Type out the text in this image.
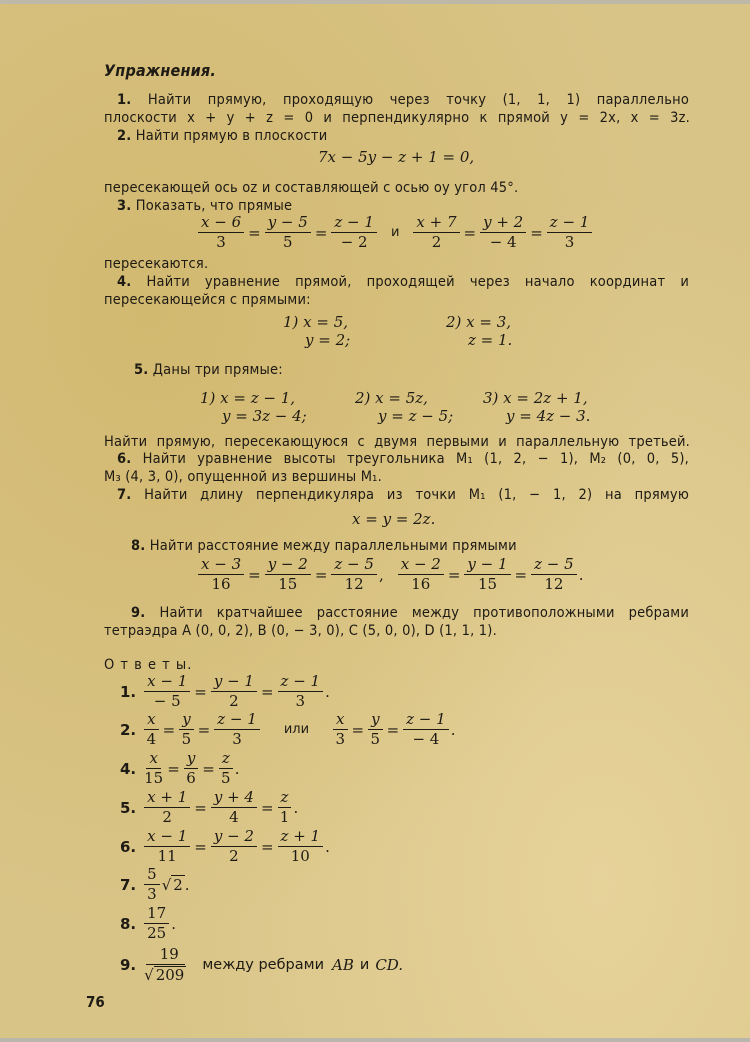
Упражнения.
1. Найти прямую, проходящую через точку (1, 1, 1) параллельно
плоскости x + y + z = 0 и перпендикулярно к прямой y = 2x, x = 3z.
2. Найти прямую в плоскости
7x − 5y − z + 1 = 0,
пересекающей ось oz и составляющей с осью oy угол 45°.
3. Показать, что прямые
$\frac{x - 6}{3} = \frac{y - 5}{5} = \frac{z - 1}{- 2}$ и $\frac{x + 7}{2} = \frac{y + 2}{- 4} = \frac{z - 1}{3}$
пересекаются.
4. Найти уравнение прямой, проходящей через начало координат и
пересекающейся с прямыми:
1) x = 5,
y = 2;
2) x = 3,
z = 1.
5. Даны три прямые:
1) x = z − 1,
y = 3z − 4;
2) x = 5z,
y = z − 5;
3) x = 2z + 1,
y = 4z − 3.
Найти прямую, пересекающуюся с двумя первыми и параллельную третьей.
6. Найти уравнение высоты треугольника M₁ (1, 2, − 1), M₂ (0, 0, 5),
M₃ (4, 3, 0), опущенной из вершины M₁.
7. Найти длину перпендикуляра из точки M₁ (1, − 1, 2) на прямую
x = y = 2z.
8. Найти расстояние между параллельными прямыми
$\frac{x - 3}{16} = \frac{y - 2}{15} = \frac{z - 5}{12}$ , $\frac{x - 2}{16} = \frac{y - 1}{15} = \frac{z - 5}{12}$ .
9. Найти кратчайшее расстояние между противоположными ребрами
тетраэдра A (0, 0, 2), B (0, − 3, 0), C (5, 0, 0), D (1, 1, 1).
О т в е т ы.
1. $\frac{x - 1}{- 5} = \frac{y - 1}{2} = \frac{z - 1}{3}$ .
2. $\frac{x}{4} = \frac{y}{5} = \frac{z - 1}{3}$ или $\frac{x}{3} = \frac{y}{5} = \frac{z - 1}{- 4}$ .
4. $\frac{x}{15} = \frac{y}{6} = \frac{z}{5}$ .
5. $\frac{x + 1}{2} = \frac{y + 4}{4} = \frac{z}{1}$ .
6. $\frac{x - 1}{11} = \frac{y - 2}{2} = \frac{z + 1}{10}$ .
7.
5
3 √ 2 .
8.
17
25
.
9.
19
√ 209
между ребрами AB и CD.
76
